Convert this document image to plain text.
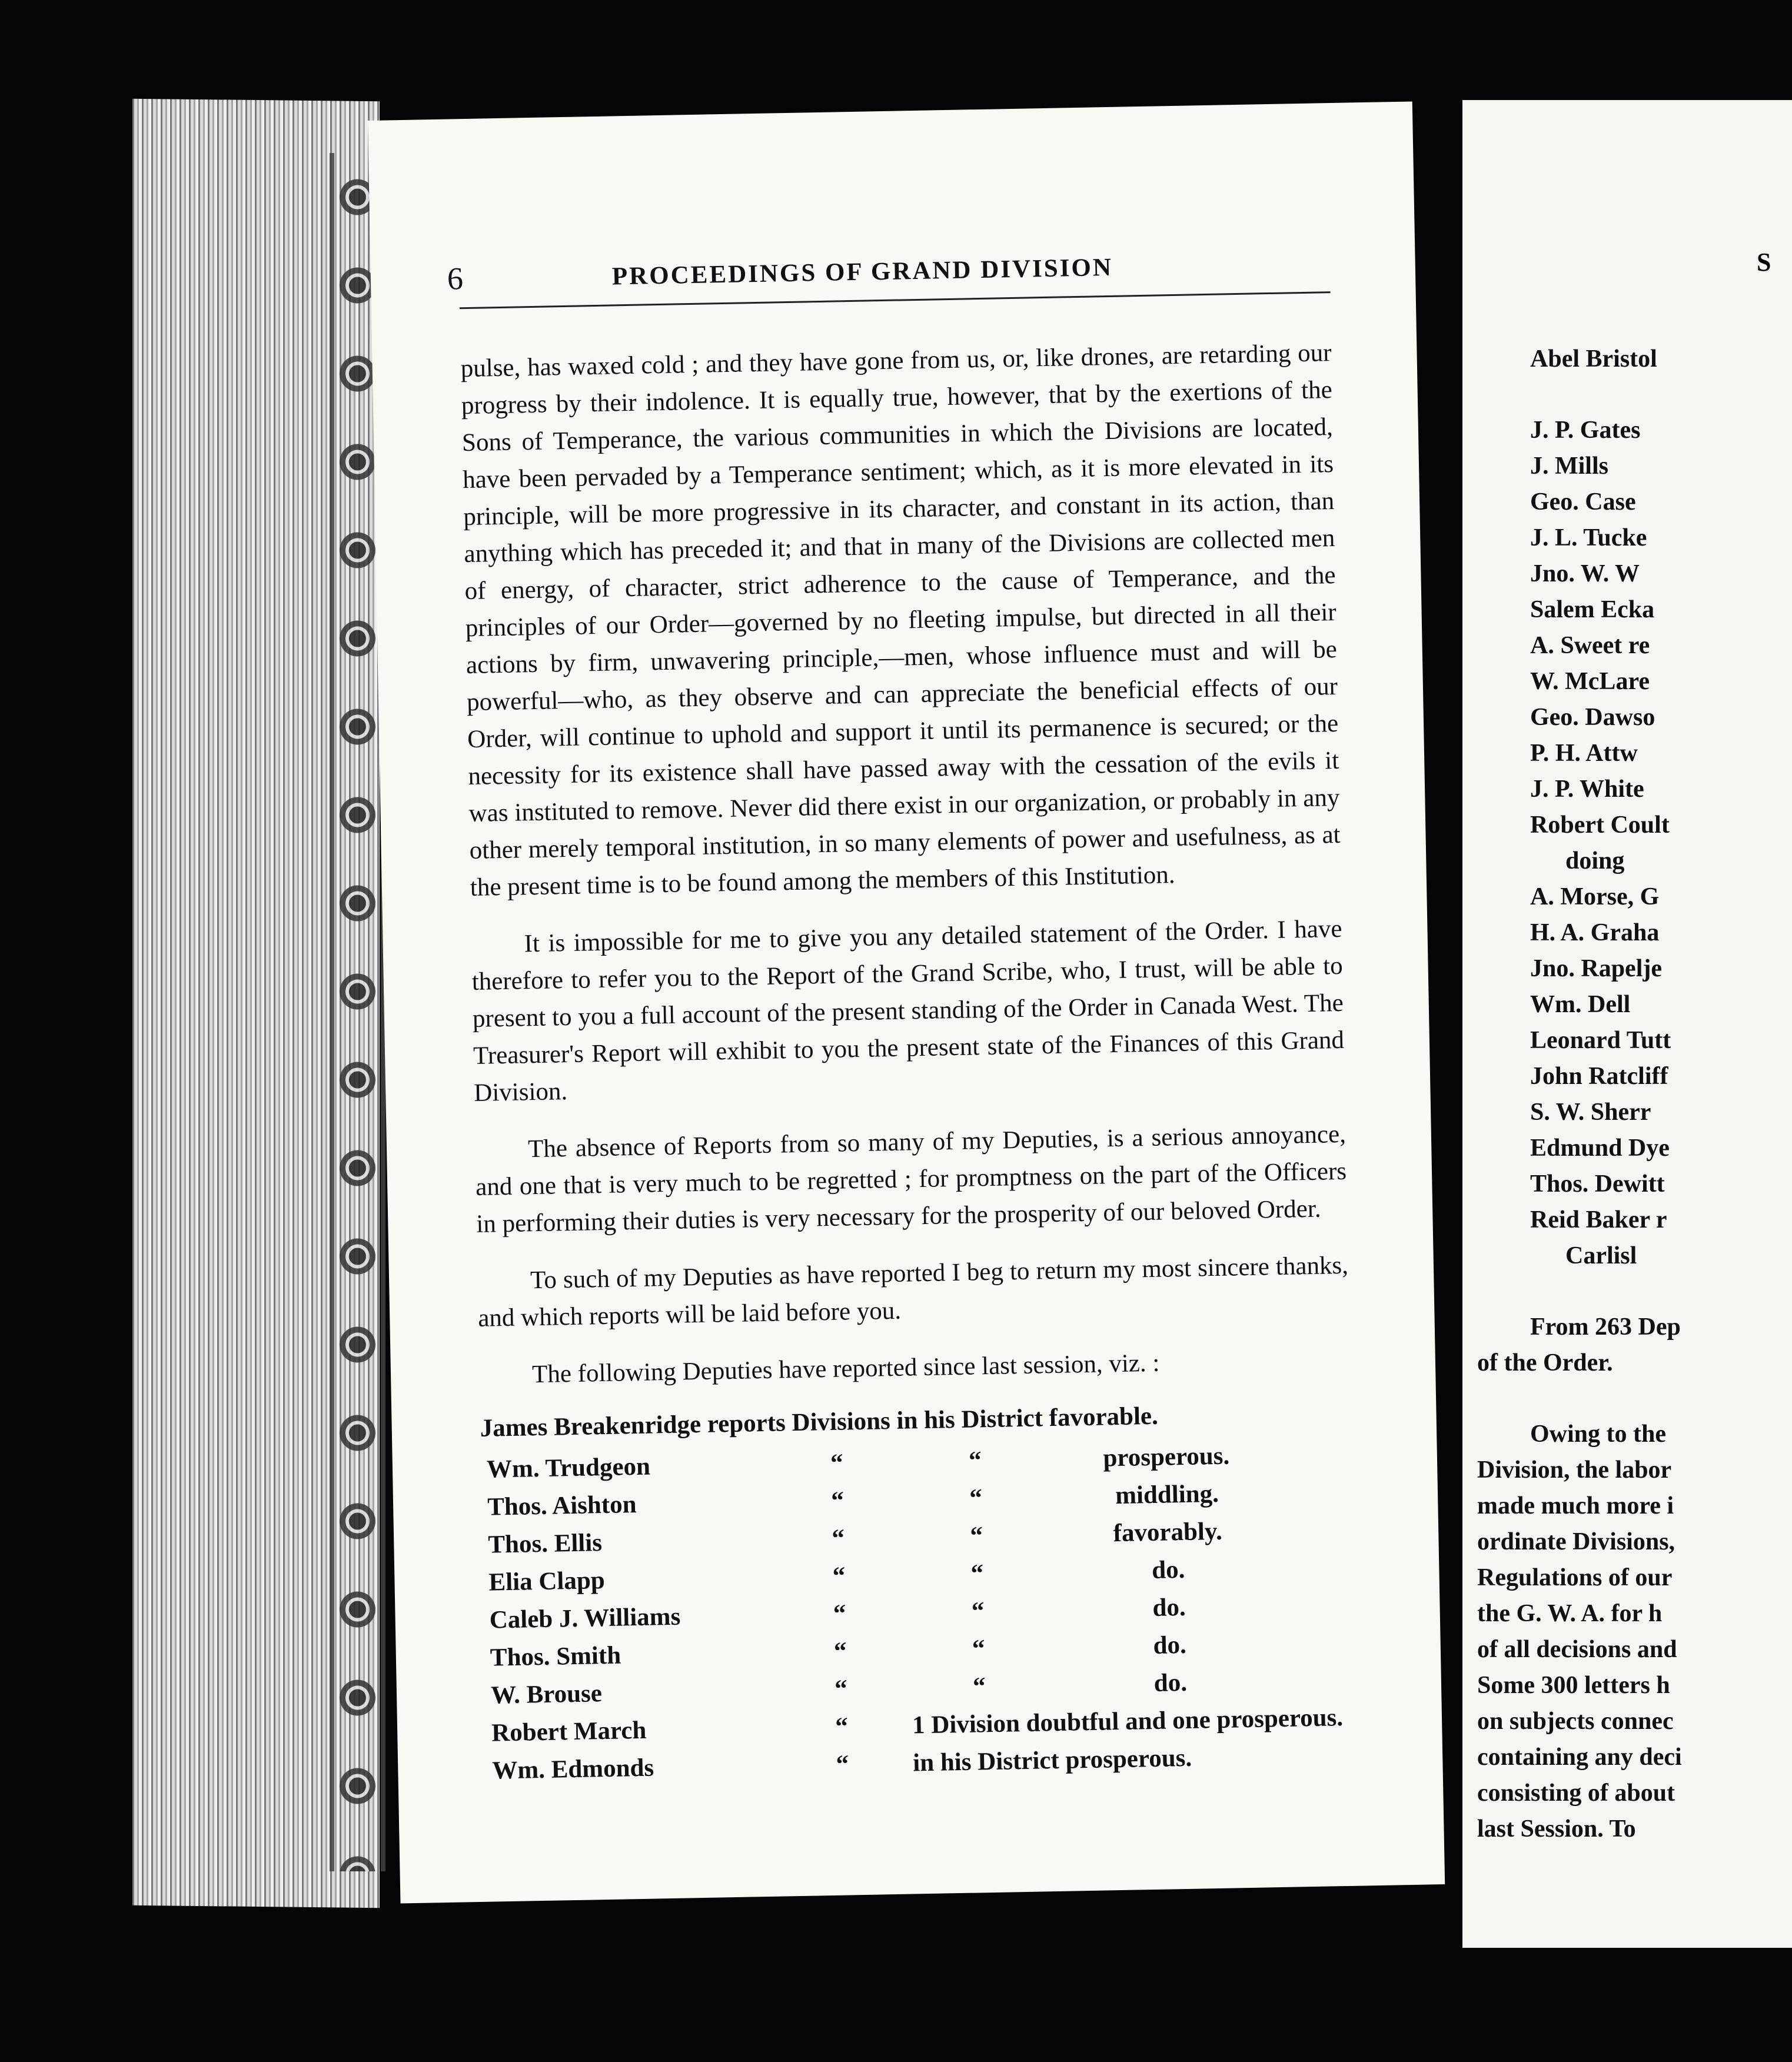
6	PROCEEDINGS OF GRAND DIVISION

pulse, has waxed cold ; and they have gone from us, or, like drones, are retarding our progress by their indolence. It is equally true, however, that by the exertions of the Sons of Temperance, the various communities in which the Divisions are located, have been pervaded by a Temperance sentiment; which, as it is more elevated in its principle, will be more progressive in its character, and constant in its action, than anything which has preceded it; and that in many of the Divisions are collected men of energy, of character, strict adherence to the cause of Temperance, and the principles of our Order—governed by no fleeting impulse, but directed in all their actions by firm, unwavering principle,—men, whose influence must and will be powerful—who, as they observe and can appreciate the beneficial effects of our Order, will continue to uphold and support it until its permanence is secured; or the necessity for its existence shall have passed away with the cessation of the evils it was instituted to remove. Never did there exist in our organization, or probably in any other merely temporal institution, in so many elements of power and usefulness, as at the present time is to be found among the members of this Institution.

It is impossible for me to give you any detailed statement of the Order. I have therefore to refer you to the Report of the Grand Scribe, who, I trust, will be able to present to you a full account of the present standing of the Order in Canada West. The Treasurer's Report will exhibit to you the present state of the Finances of this Grand Division.

The absence of Reports from so many of my Deputies, is a serious annoyance, and one that is very much to be regretted ; for promptness on the part of the Officers in performing their duties is very necessary for the prosperity of our beloved Order.

To such of my Deputies as have reported I beg to return my most sincere thanks, and which reports will be laid before you.

The following Deputies have reported since last session, viz. :

James Breakenridge reports Divisions in his District favorable.
Wm. Trudgeon	“	“	prosperous.
Thos. Aishton	“	“	middling.
Thos. Ellis	“	“	favorably.
Elia Clapp	“	“	do.
Caleb J. Williams	“	“	do.
Thos. Smith	“	“	do.
W. Brouse	“	“	do.
Robert March	“	1 Division doubtful and one prosperous.
Wm. Edmonds	“	in his District prosperous.
S
Abel Bristol
J. P. Gates
J. Mills
Geo. Case
J. L. Tucke
Jno. W. W
Salem Ecka
A. Sweet re
W. McLare
Geo. Dawso
P. H. Attw
J. P. White
Robert Coult
doing
A. Morse, G
H. A. Graha
Jno. Rapelje
Wm. Dell
Leonard Tutt
John Ratcliff
S. W. Sherr
Edmund Dye
Thos. Dewitt
Reid Baker r
Carlisl
From 263 Dep
of the Order.
Owing to the
Division, the labor
made much more i
ordinate Divisions,
Regulations of our
the G. W. A. for h
of all decisions and
Some 300 letters h
on subjects connec
containing any deci
consisting of about
last Session. To
